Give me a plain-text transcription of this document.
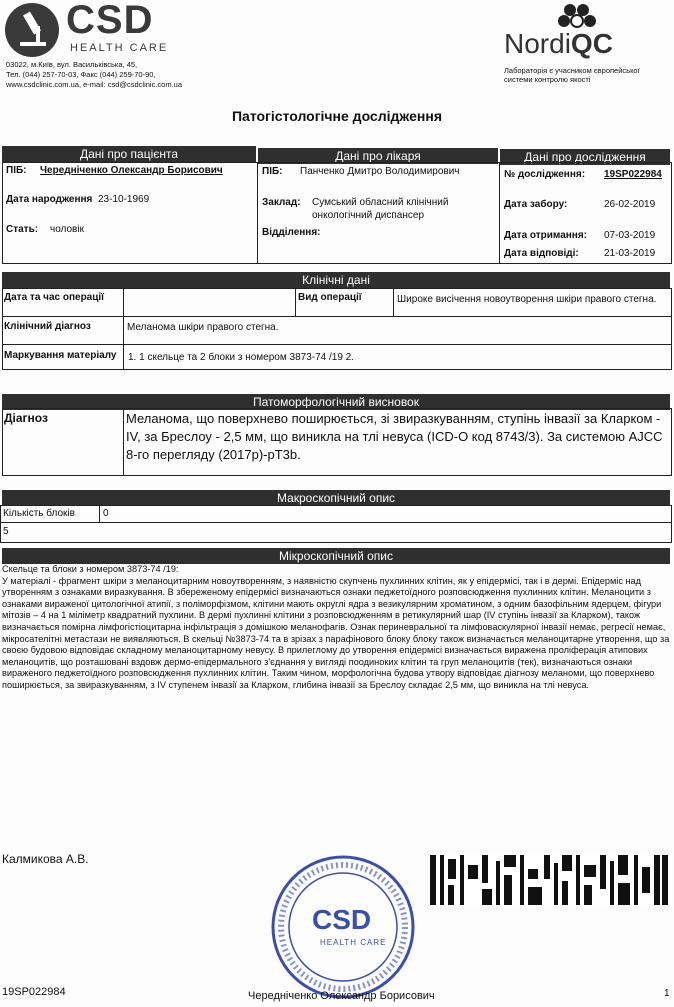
CSD
HEALTH CARE
03022, м.Київ, вул. Васильківська, 45,
Тел. (044) 257-70-03, Факс (044) 259-70-90,
www.csdclinic.com.ua, e-mail: csd@csdclinic.com.ua
NordiQC
Лабораторія є учасником європейської системи контролю якості
Патогістологічне дослідження
Дані про пацієнта	Дані про лікаря	Дані про дослідження
ПІБ: Чередніченко Олександр Борисович
Дата народження 23-10-1969
Стать: чоловік
ПІБ: Панченко Дмитро Володимирович
Заклад: Сумський обласний клінічний
онкологічний диспансер
Відділення:
№ дослідження: 19SP022984
Дата забору:	26-02-2019
Дата отримання: 07-03-2019
Дата відповіді:	21-03-2019
Клінічні дані
Дата та час операції	Вид операції	Широке висічення новоутворення шкіри правого стегна.
Клінічний діагноз	Меланома шкіри правого стегна.
Маркування матеріалу 1. 1 скельце та 2 блоки з номером 3873-74 /19 2.
Патоморфологічний висновок
Діагноз	Меланома, що поверхнево поширюється, зі звиразкуванням, ступінь інвазії за Кларком - IV, за Бреслоу - 2,5 мм, що виникла на тлі невуса (ICD-O код 8743/3). За системою AJCC 8-го перегляду (2017р)-pT3b.
Макроскопічний опис
Кількість блоків	0
5
Мікроскопічний опис

Скельце та блоки з номером 3873-74 /19:

У матеріалі - фрагмент шкіри з меланоцитарним новоутворенням, з наявністю скупчень пухлинних клітин, як у епідермісі, так і в дермі. Епідерміс над утворенням з ознаками виразкування. В збереженому епідермісі визначаються ознаки педжетоїдного розповсюдження пухлинних клітин. Меланоцити з ознаками вираженої цитологічної атипії, з поліморфізмом, клітини мають округлі ядра з везикулярним хроматином, з одним базофільним ядерцем, фігури мітозів – 4 на 1 міліметр квадратний пухлини. В дермі пухлинні клітини з розповсюдженням в ретикулярний шар (IV ступінь інвазії за Кларком), також визначається помірна лімфогістіоцитарна інфільтрація з домішкою меланофагів. Ознак периневральної та лімфоваскулярної інвазії немає, регресії немає, мікросателітні метастази не виявляються. В скельці №3873-74 та в зрізах з парафінового блоку блоку також визначається меланоцитарне утворення, що за своєю будовою відповідає складному меланоцитарному невусу. В прилеглому до утворення епідермісі визначається виражена проліферація атипових меланоцитів, що розташовані вздовж дермо-епідермального з'єднання у вигляді поодиноких клітин та груп меланоцитів (тек), визначаються ознаки вираженого педжетоїдного розповсюдження пухлинних клітин. Таким чином, морфологічна будова утвору відповідає діагнозу меланоми, що поверхнево поширюється, за звиразкуванням, з IV ступенем інвазії за Кларком, глибина інвазії за Бреслоу складає 2,5 мм, що виникла на тлі невуса.

Калмикова А.В.
CSD
HEALTH CARE
19SP022984	Чередніченко Олександр Борисович	1
